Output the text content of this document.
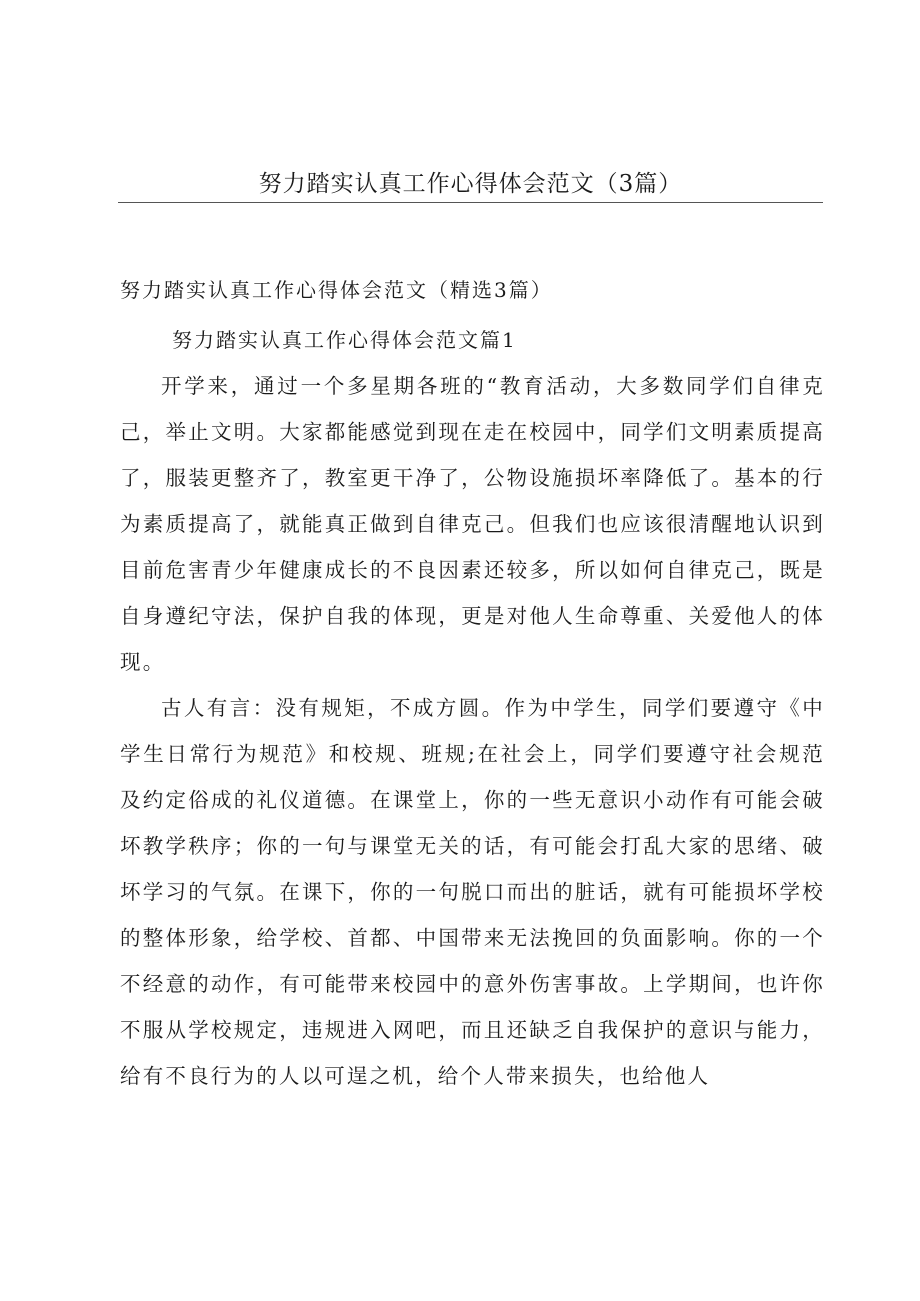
努力踏实认真工作心得体会范文（3篇）

努力踏实认真工作心得体会范文（精选3篇）

努力踏实认真工作心得体会范文篇1

开学来，通过一个多星期各班的“教育活动，大多数同学们自律克己，举止文明。大家都能感觉到现在走在校园中，同学们文明素质提高了，服装更整齐了，教室更干净了，公物设施损坏率降低了。基本的行为素质提高了，就能真正做到自律克己。但我们也应该很清醒地认识到目前危害青少年健康成长的不良因素还较多，所以如何自律克己，既是自身遵纪守法，保护自我的体现，更是对他人生命尊重、关爱他人的体现。

古人有言：没有规矩，不成方圆。作为中学生，同学们要遵守《中学生日常行为规范》和校规、班规;在社会上，同学们要遵守社会规范及约定俗成的礼仪道德。在课堂上，你的一些无意识小动作有可能会破坏教学秩序；你的一句与课堂无关的话，有可能会打乱大家的思绪、破坏学习的气氛。在课下，你的一句脱口而出的脏话，就有可能损坏学校的整体形象，给学校、首都、中国带来无法挽回的负面影响。你的一个不经意的动作，有可能带来校园中的意外伤害事故。上学期间，也许你不服从学校规定，违规进入网吧，而且还缺乏自我保护的意识与能力，给有不良行为的人以可逞之机，给个人带来损失，也给他人
